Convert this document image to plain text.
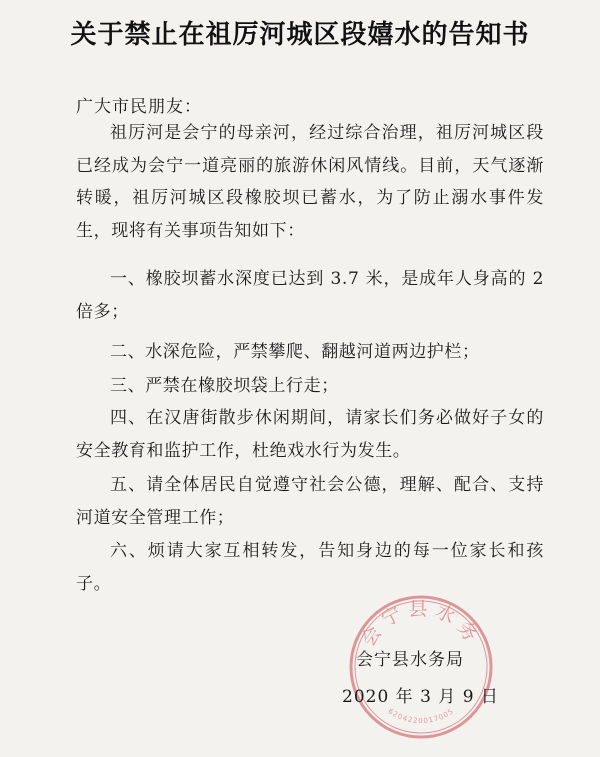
关于禁止在祖厉河城区段嬉水的告知书
广大市民朋友：

祖厉河是会宁的母亲河，经过综合治理，祖厉河城区段已经成为会宁一道亮丽的旅游休闲风情线。目前，天气逐渐转暖，祖厉河城区段橡胶坝已蓄水，为了防止溺水事件发生，现将有关事项告知如下：

一、橡胶坝蓄水深度已达到 3.7 米，是成年人身高的 2 倍多；

二、水深危险，严禁攀爬、翻越河道两边护栏；

三、严禁在橡胶坝袋上行走；

四、在汉唐街散步休闲期间，请家长们务必做好子女的安全教育和监护工作，杜绝戏水行为发生。

五、请全体居民自觉遵守社会公德，理解、配合、支持河道安全管理工作；

六、烦请大家互相转发，告知身边的每一位家长和孩子。

会宁县水务
6204220017005
会宁县水务局
2020 年 3 月 9 日
